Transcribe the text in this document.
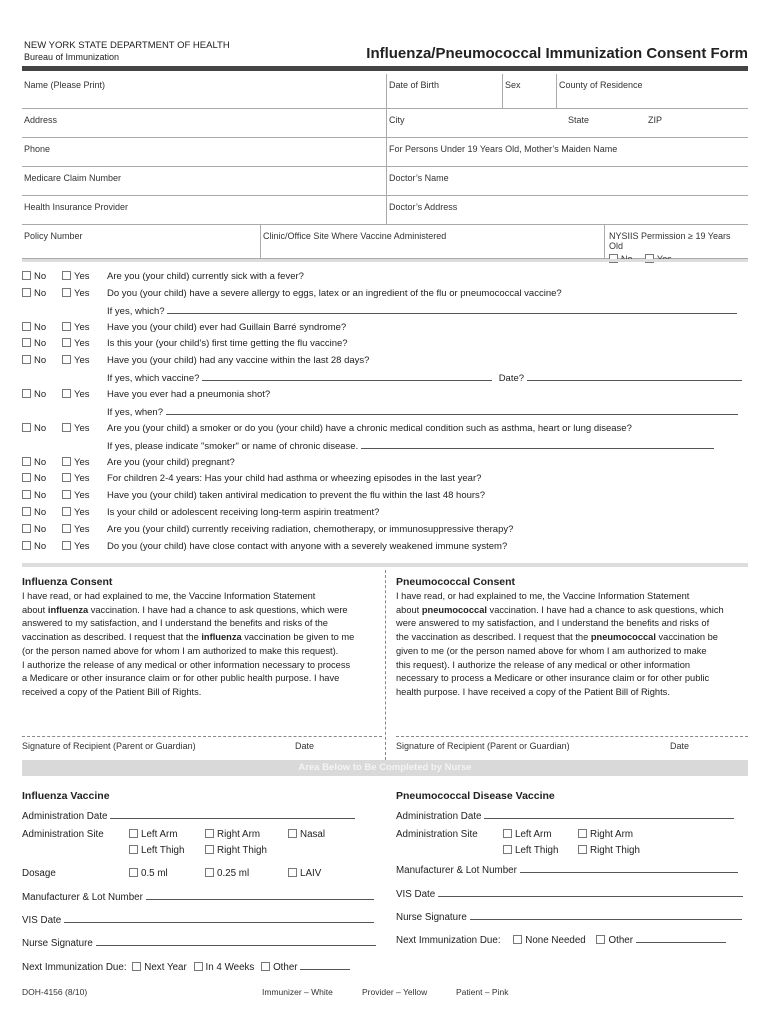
NEW YORK STATE DEPARTMENT OF HEALTH
Bureau of Immunization	Influenza/Pneumococcal Immunization Consent Form
Name (Please Print)	Date of Birth	Sex	County of Residence
Address	City	State	ZIP
Phone	For Persons Under 19 Years Old, Mother’s Maiden Name
Medicare Claim Number	Doctor’s Name
Health Insurance Provider	Doctor’s Address
Policy Number	Clinic/Office Site Where Vaccine Administered	NYSIIS Permission ≥ 19 Years Old

No	Yes Are you (your child) currently sick with a fever?
No	Yes Do you (your child) have a severe allergy to eggs, latex or an ingredient of the flu or pneumococcal vaccine?
If yes, which?
No	Yes Have you (your child) ever had Guillain Barré syndrome?
No	Yes Is this your (your child’s) first time getting the flu vaccine?
No	Yes Have you (your child) had any vaccine within the last 28 days?
If yes, which vaccine?	Date?
No	Yes Have you ever had a pneumonia shot?
If yes, when?
No	Yes Are you (your child) a smoker or do you (your child) have a chronic medical condition such as asthma, heart or lung disease?
If yes, please indicate "smoker" or name of chronic disease.
No	Yes Are you (your child) pregnant?
No	Yes For children 2-4 years: Has your child had asthma or wheezing episodes in the last year?
No	Yes Have you (your child) taken antiviral medication to prevent the flu within the last 48 hours?
No	Yes Is your child or adolescent receiving long-term aspirin treatment?
No	Yes Are you (your child) currently receiving radiation, chemotherapy, or immunosuppressive therapy?
No	Yes Do you (your child) have close contact with anyone with a severely weakened immune system?
Influenza Consent
I have read, or had explained to me, the Vaccine Information Statement
about influenza vaccination. I have had a chance to ask questions, which were
answered to my satisfaction, and I understand the benefits and risks of the
vaccination as described. I request that the influenza vaccination be given to me
(or the person named above for whom I am authorized to make this request).
I authorize the release of any medical or other information necessary to process
a Medicare or other insurance claim or for other public health purpose. I have
received a copy of the Patient Bill of Rights.
Pneumococcal Consent
I have read, or had explained to me, the Vaccine Information Statement
about pneumococcal vaccination. I have had a chance to ask questions, which
were answered to my satisfaction, and I understand the benefits and risks of
the vaccination as described. I request that the pneumococcal vaccination be
given to me (or the person named above for whom I am authorized to make
this request). I authorize the release of any medical or other information
necessary to process a Medicare or other insurance claim or for other public
health purpose. I have received a copy of the Patient Bill of Rights.
Signature of Recipient (Parent or Guardian)	Date	Signature of Recipient (Parent or Guardian)	Date
Area Below to Be Completed by Nurse
Influenza Vaccine
Administration Date
Administration Site	Left Arm	Right Arm	Nasal
Left Thigh	Right Thigh
Dosage	0.5 ml	0.25 ml	LAIV
Manufacturer & Lot Number
VIS Date
Nurse Signature
Next Immunization Due: Next Year In 4 Weeks Other
Pneumococcal Disease Vaccine
Administration Date
Administration Site	Left Arm	Right Arm
Left Thigh	Right Thigh
Manufacturer & Lot Number
VIS Date
Nurse Signature
Next Immunization Due:	None Needed Other
DOH-4156 (8/10)	Immunizer – White	Provider – Yellow	Patient – Pink
